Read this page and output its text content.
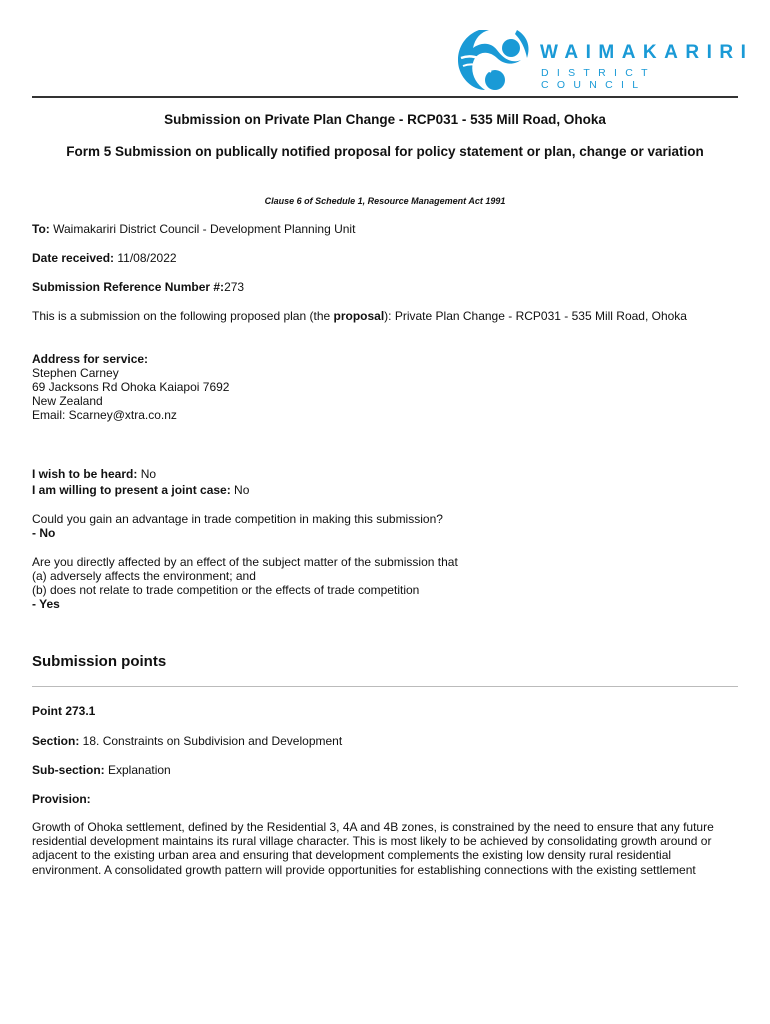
WAIMAKARIRI
DISTRICT COUNCIL
Submission on Private Plan Change - RCP031 - 535 Mill Road, Ohoka
Form 5 Submission on publically notified proposal for policy statement or plan, change or variation
Clause 6 of Schedule 1, Resource Management Act 1991
To: Waimakariri District Council - Development Planning Unit
Date received: 11/08/2022
Submission Reference Number #:273
This is a submission on the following proposed plan (the proposal): Private Plan Change - RCP031 - 535 Mill Road, Ohoka
Address for service:
Stephen Carney
69 Jacksons Rd Ohoka Kaiapoi 7692
New Zealand
Email: Scarney@xtra.co.nz
I wish to be heard: No
I am willing to present a joint case: No
Could you gain an advantage in trade competition in making this submission?
- No
Are you directly affected by an effect of the subject matter of the submission that
(a) adversely affects the environment; and
(b) does not relate to trade competition or the effects of trade competition
- Yes
Submission points
Point 273.1
Section: 18. Constraints on Subdivision and Development
Sub-section: Explanation
Provision:
Growth of Ohoka settlement, defined by the Residential 3, 4A and 4B zones, is constrained by the need to ensure that any future residential development maintains its rural village character. This is most likely to be achieved by consolidating growth around or adjacent to the existing urban area and ensuring that development complements the existing low density rural residential environment. A consolidated growth pattern will provide opportunities for establishing connections with the existing settlement
